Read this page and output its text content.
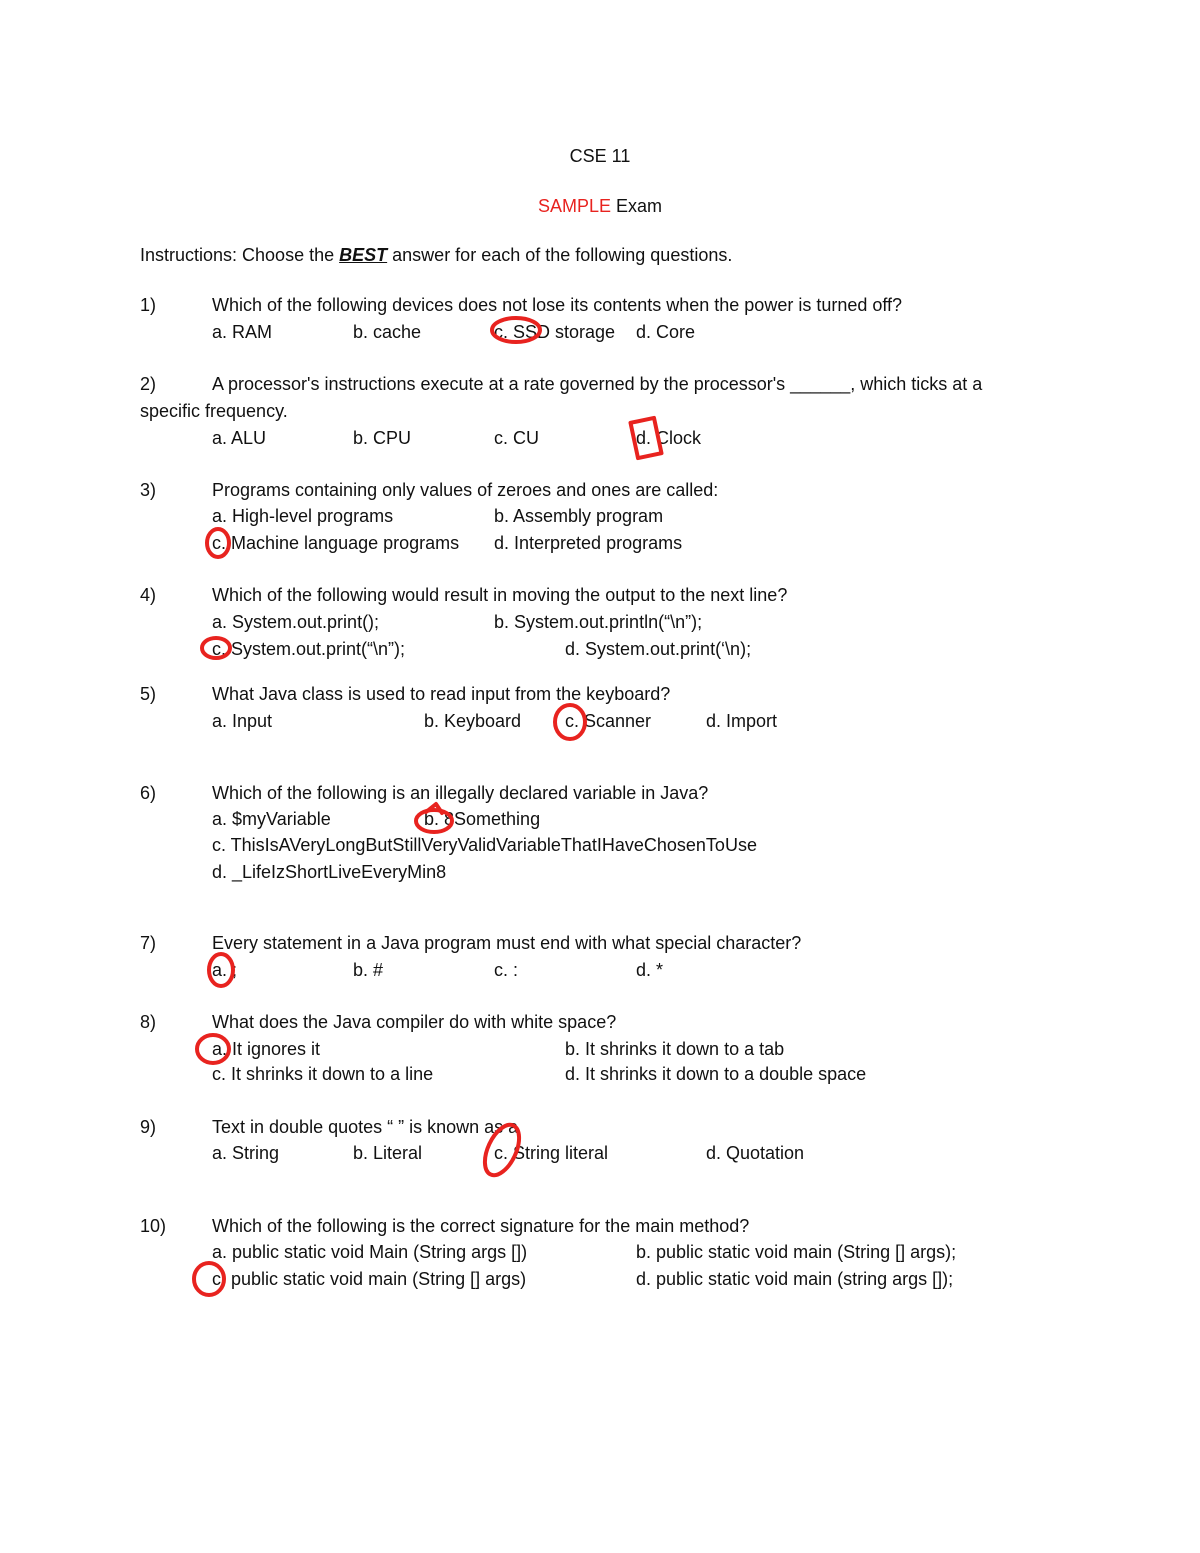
CSE 11
SAMPLE Exam
Instructions: Choose the BEST answer for each of the following questions.
1)	Which of the following devices does not lose its contents when the power is turned off?
a. RAM	b. cache	c. SSD storage d. Core
2)	A processor's instructions execute at a rate governed by the processor's ______, which ticks at a
specific frequency.
a. ALU	b. CPU	c. CU	d. Clock
3)	Programs containing only values of zeroes and ones are called:
a. High-level programs	b. Assembly program
c. Machine language programs d. Interpreted programs
4)	Which of the following would result in moving the output to the next line?
a. System.out.print();	b. System.out.println(“\n”);
c. System.out.print(“\n”);	d. System.out.print(‘\n);
5)	What Java class is used to read input from the keyboard?
a. Input	b. Keyboard c. Scanner	d. Import
6)	Which of the following is an illegally declared variable in Java?
a. $myVariable	b. 8Something
c. ThisIsAVeryLongButStillVeryValidVariableThatIHaveChosenToUse
d. _LifeIzShortLiveEveryMin8
7)	Every statement in a Java program must end with what special character?
a. ;	b. #	c. :	d. *
8)	What does the Java compiler do with white space?
a. It ignores it	b. It shrinks it down to a tab
c. It shrinks it down to a line	d. It shrinks it down to a double space
9)	Text in double quotes “ ” is known as a
a. String	b. Literal	c. String literal	d. Quotation
10)	Which of the following is the correct signature for the main method?
a. public static void Main (String args [])	b. public static void main (String [] args);
c. public static void main (String [] args)	d. public static void main (string args []);
